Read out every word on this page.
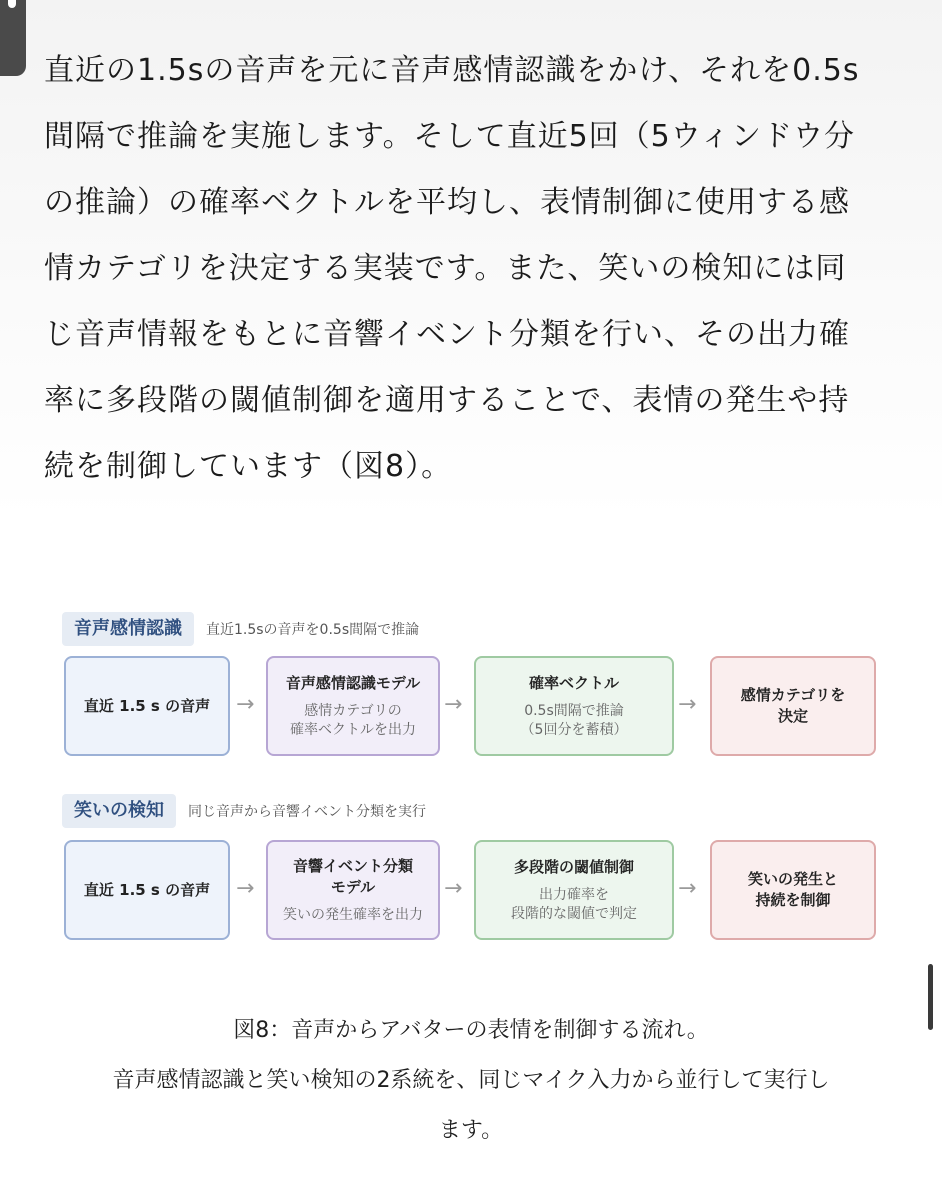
直近の1.5sの音声を元に音声感情認識をかけ、それを0.5s
間隔で推論を実施します。そして直近5回（5ウィンドウ分
の推論）の確率ベクトルを平均し、表情制御に使用する感
情カテゴリを決定する実装です。また、笑いの検知には同
じ音声情報をもとに音響イベント分類を行い、その出力確
率に多段階の閾値制御を適用することで、表情の発生や持
続を制御しています（図8）。
音声感情認識	直近1.5sの音声を0.5s間隔で推論
直近 1.5 s の音声 →
音声感情認識モデル
感情カテゴリの
確率ベクトルを出力
→
確率ベクトル
0.5s間隔で推論
（5回分を蓄積）
→	感情カテゴリを
決定
笑いの検知	同じ音声から音響イベント分類を実行
直近 1.5 s の音声 →
音響イベント分類
モデル
笑いの発生確率を出力
→
多段階の閾値制御
出力確率を
段階的な閾値で判定
→	笑いの発生と
持続を制御
図8：音声からアバターの表情を制御する流れ。
音声感情認識と笑い検知の2系統を、同じマイク入力から並行して実行し
ます。
